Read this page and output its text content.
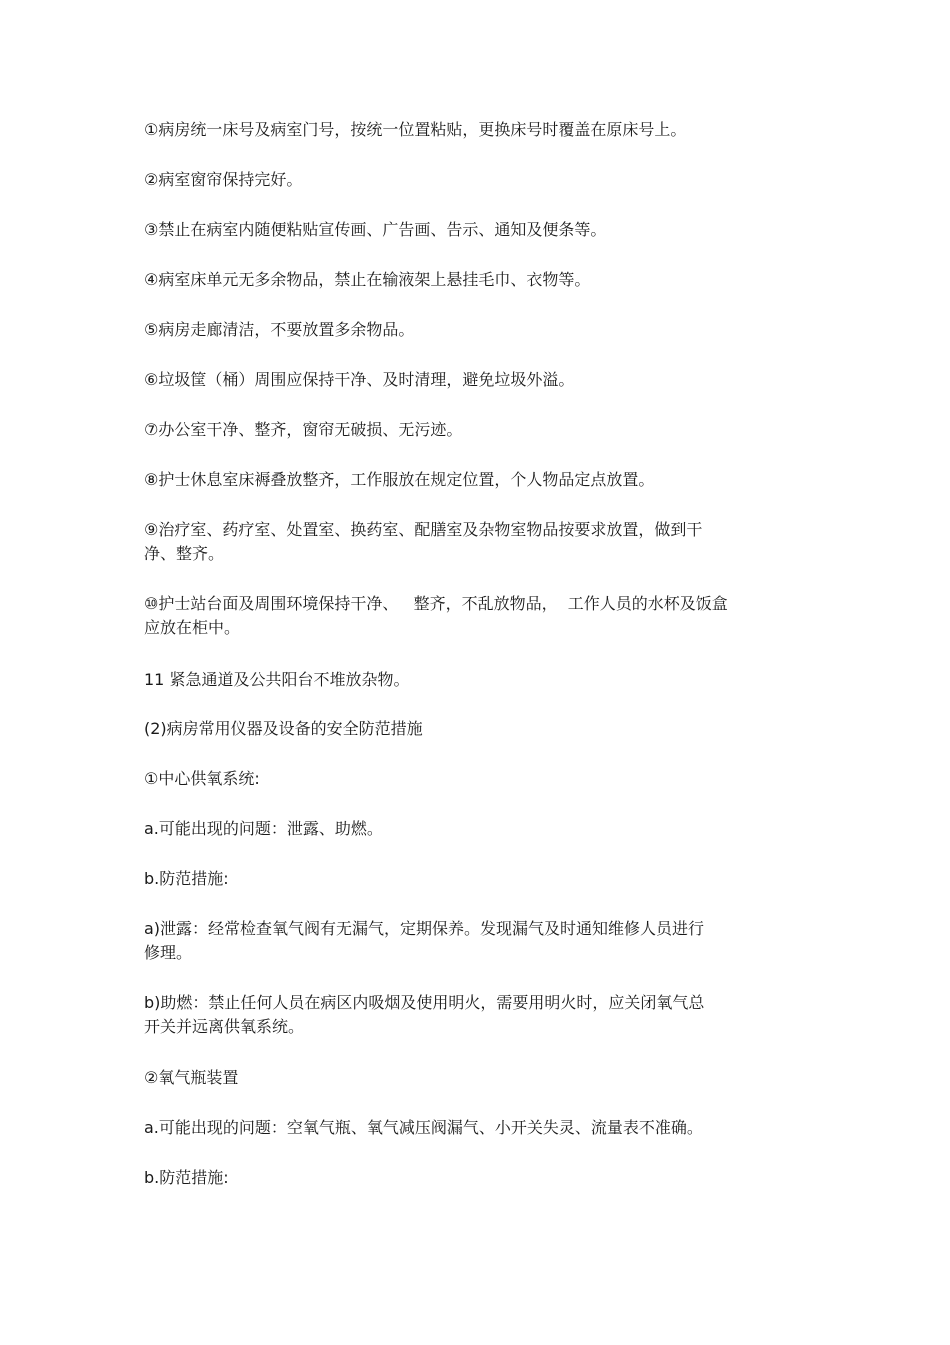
①病房统一床号及病室门号，按统一位置粘贴，更换床号时覆盖在原床号上。

②病室窗帘保持完好。

③禁止在病室内随便粘贴宣传画、广告画、告示、通知及便条等。

④病室床单元无多余物品，禁止在输液架上悬挂毛巾、衣物等。

⑤病房走廊清洁，不要放置多余物品。

⑥垃圾筐（桶）周围应保持干净、及时清理，避免垃圾外溢。

⑦办公室干净、整齐，窗帘无破损、无污迹。

⑧护士休息室床褥叠放整齐，工作服放在规定位置，个人物品定点放置。

⑨治疗室、药疗室、处置室、换药室、配膳室及杂物室物品按要求放置，做到干
净、整齐。

⑩护士站台面及周围环境保持干净、   整齐，不乱放物品，  工作人员的水杯及饭盒
应放在柜中。

11 紧急通道及公共阳台不堆放杂物。

(2)病房常用仪器及设备的安全防范措施

①中心供氧系统:

a.可能出现的问题：泄露、助燃。

b.防范措施:

a)泄露：经常检查氧气阀有无漏气，定期保养。发现漏气及时通知维修人员进行
修理。

b)助燃：禁止任何人员在病区内吸烟及使用明火，需要用明火时，应关闭氧气总
开关并远离供氧系统。

②氧气瓶装置

a.可能出现的问题：空氧气瓶、氧气减压阀漏气、小开关失灵、流量表不准确。

b.防范措施:
